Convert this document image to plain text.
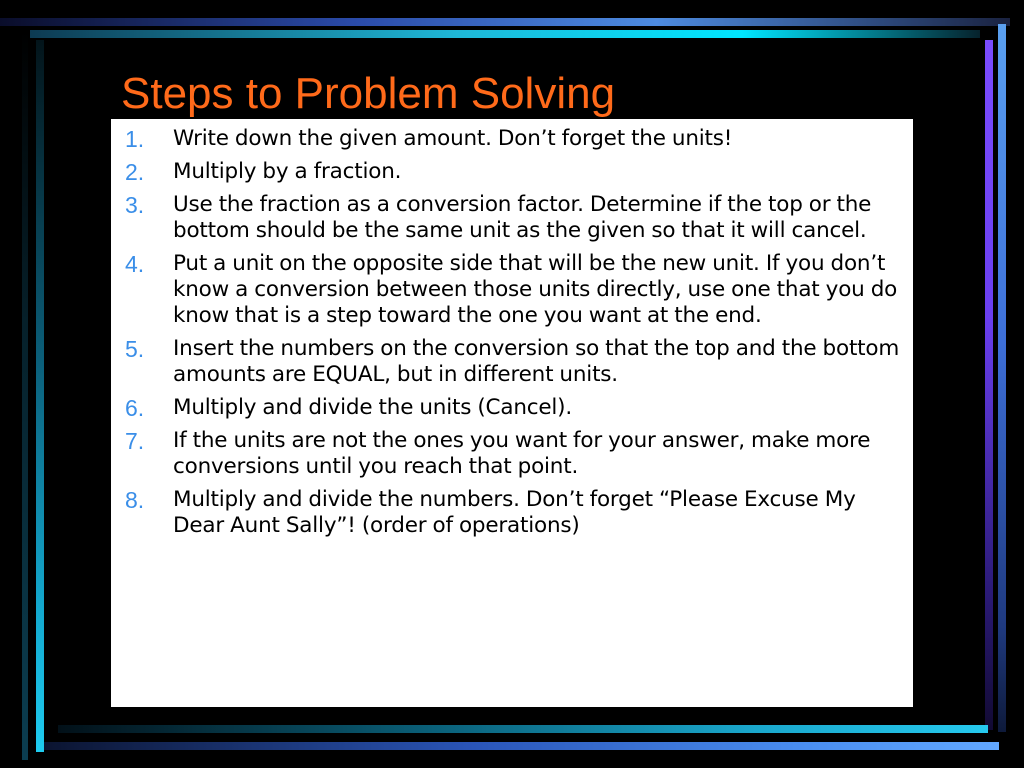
Steps to Problem Solving
1.	Write down the given amount. Don’t forget the units!
2.	Multiply by a fraction.
3.	Use the fraction as a conversion factor. Determine if the top or the bottom should be the same unit as the given so that it will cancel.
4.	Put a unit on the opposite side that will be the new unit. If you don’t know a conversion between those units directly, use one that you do know that is a step toward the one you want at the end.
5.	Insert the numbers on the conversion so that the top and the bottom amounts are EQUAL, but in different units.
6.	Multiply and divide the units (Cancel).
7.	If the units are not the ones you want for your answer, make more conversions until you reach that point.
8.	Multiply and divide the numbers. Don’t forget “Please Excuse My Dear Aunt Sally”! (order of operations)
